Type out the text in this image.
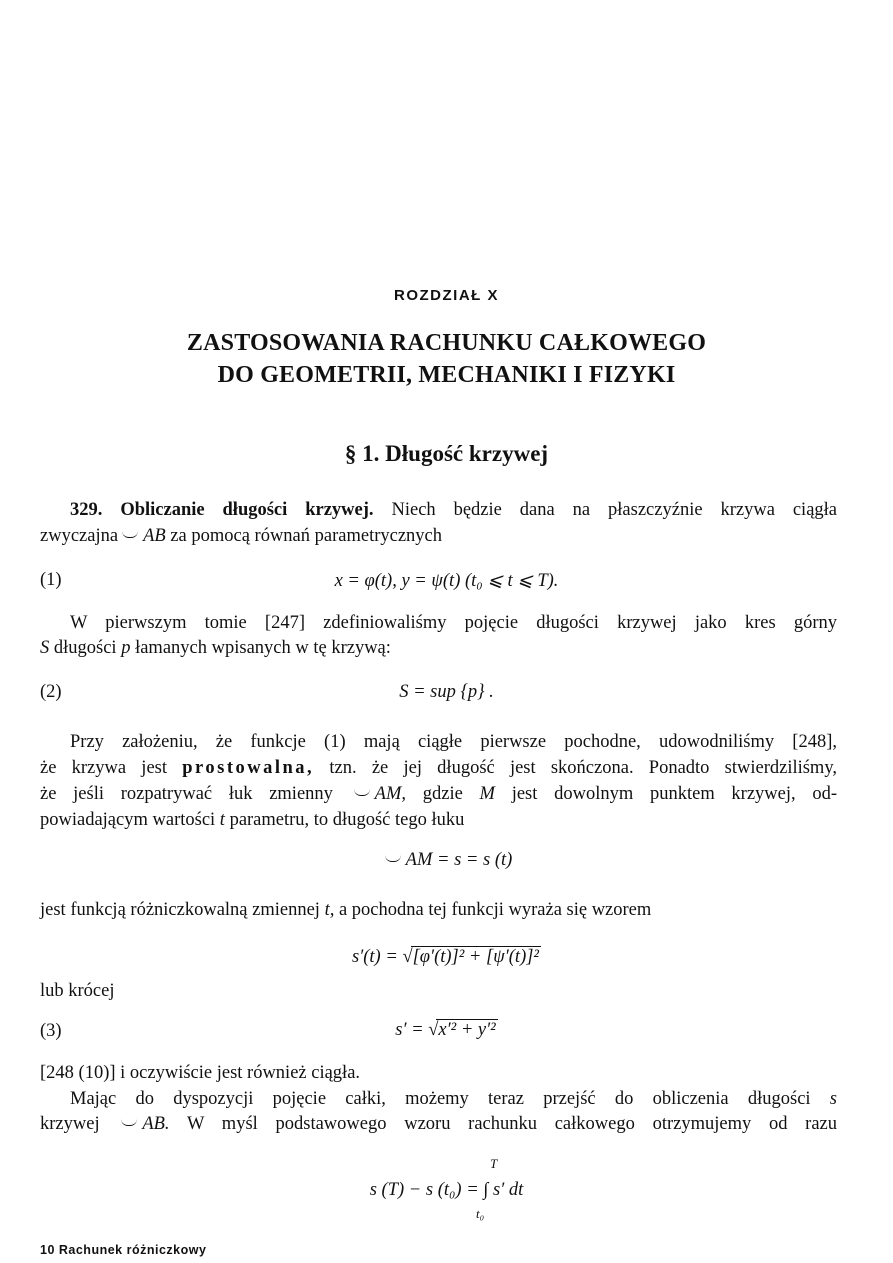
ROZDZIAŁ X
ZASTOSOWANIA RACHUNKU CAŁKOWEGO
DO GEOMETRII, MECHANIKI I FIZYKI
§ 1. Długość krzywej
329. Obliczanie długości krzywej. Niech będzie dana na płaszczyźnie krzywa ciągła
zwyczajna AB za pomocą równań parametrycznych
(1)	x = φ(t), y = ψ(t) (t₀ ⩽ t ⩽ T).
W pierwszym tomie [247] zdefiniowaliśmy pojęcie długości krzywej jako kres górny
S długości p łamanych wpisanych w tę krzywą:
(2)	S = sup {p} .
Przy założeniu, że funkcje (1) mają ciągłe pierwsze pochodne, udowodniliśmy [248],
że krzywa jest prostowalna, tzn. że jej długość jest skończona. Ponadto stwierdziliśmy,
że jeśli rozpatrywać łuk zmienny AM, gdzie M jest dowolnym punktem krzywej, od-
powiadającym wartości t parametru, to długość tego łuku
AM = s = s (t)
jest funkcją różniczkowalną zmiennej t, a pochodna tej funkcji wyraża się wzorem
s′(t) = √[φ′(t)]² + [ψ′(t)]²
lub krócej
(3)	s′ = √x′² + y′²
[248 (10)] i oczywiście jest również ciągła.
Mając do dyspozycji pojęcie całki, możemy teraz przejść do obliczenia długości s
krzywej AB. W myśl podstawowego wzoru rachunku całkowego otrzymujemy od razu
T
s (T) − s (t₀) = ∫ s′ dt
t₀
10 Rachunek różniczkowy
